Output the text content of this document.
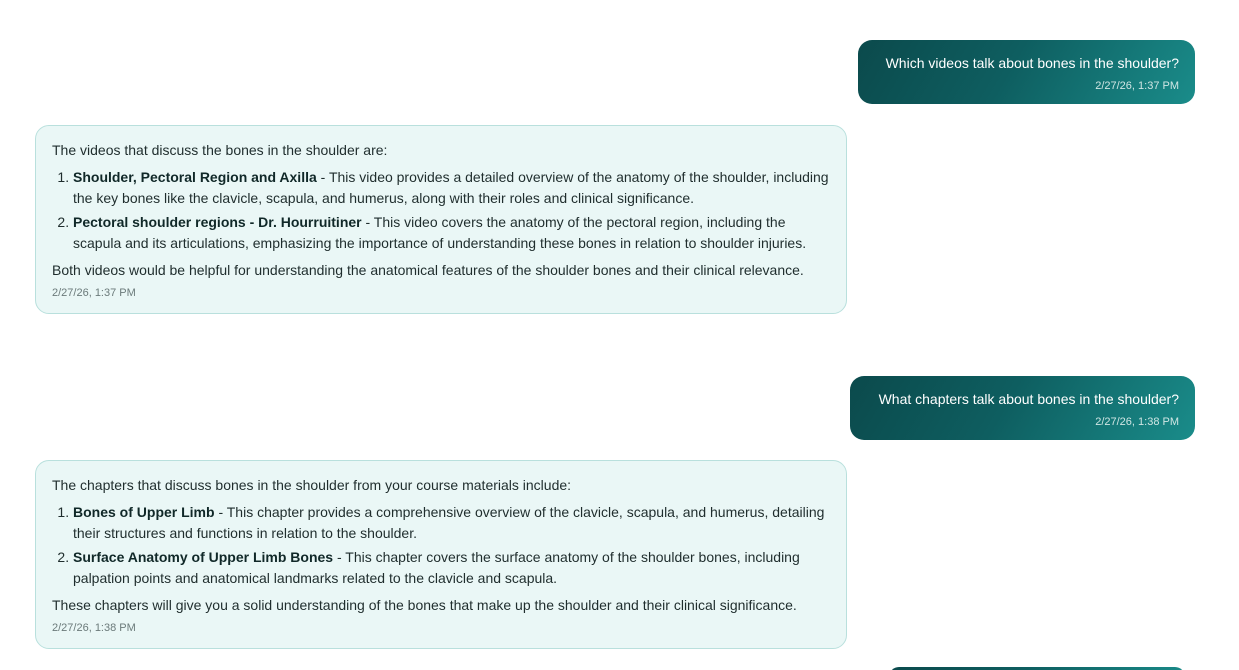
Which videos talk about bones in the shoulder?
2/27/26, 1:37 PM

The videos that discuss the bones in the shoulder are:

1. Shoulder, Pectoral Region and Axilla - This video provides a detailed overview of the anatomy of the shoulder, including the key bones like the clavicle, scapula, and humerus, along with their roles and clinical significance.
2. Pectoral shoulder regions - Dr. Hourruitiner - This video covers the anatomy of the pectoral region, including the scapula and its articulations, emphasizing the importance of understanding these bones in relation to shoulder injuries.

Both videos would be helpful for understanding the anatomical features of the shoulder bones and their clinical relevance.

2/27/26, 1:37 PM
What chapters talk about bones in the shoulder?
2/27/26, 1:38 PM

The chapters that discuss bones in the shoulder from your course materials include:

1. Bones of Upper Limb - This chapter provides a comprehensive overview of the clavicle, scapula, and humerus, detailing their structures and functions in relation to the shoulder.
2. Surface Anatomy of Upper Limb Bones - This chapter covers the surface anatomy of the shoulder bones, including palpation points and anatomical landmarks related to the clavicle and scapula.

These chapters will give you a solid understanding of the bones that make up the shoulder and their clinical significance.

2/27/26, 1:38 PM
